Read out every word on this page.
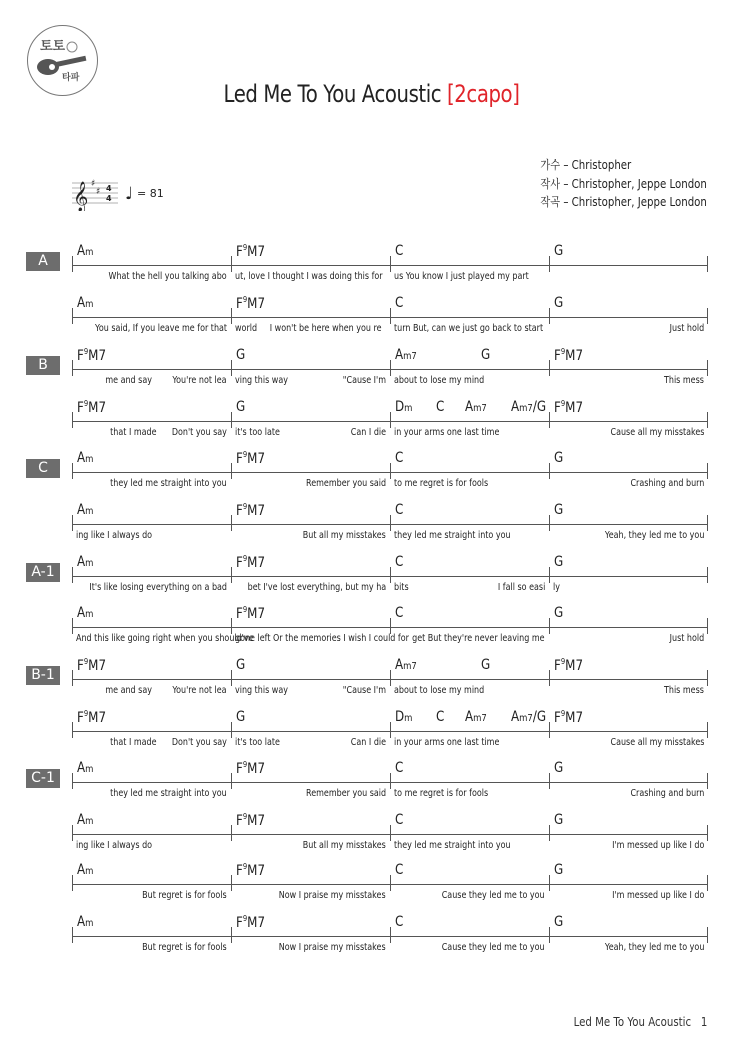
토토
타파
Led Me To You Acoustic [2capo]
가수 – Christopher
작사 – Christopher, Jeppe London
작곡 – Christopher, Jeppe London
𝄞 ♯
♯ 4
4 ♩ = 81
A
Am
What the hell you talking abo
$F^9M7$
ut, love I thought I was doing this for
C
us You know I just played my part
G
Am
You said, If you leave me for that
$F^9M7$
world     I won't be here when you re
C
turn But, can we just go back to start
G
Just hold
B
$F^9M7$
me and say        You're not lea
G
ving this way	"Cause I'm
Am7	G
about to lose my mind
$F^9M7$
This mess
$F^9M7$
that I made      Don't you say
G
it's too late	Can I die
Dm C Am7 Am7/G
in your arms one last time
$F^9M7$
Cause all my misstakes
C
Am
they led me straight into you
$F^9M7$
Remember you said
C
to me regret is for fools
G
Crashing and burn
Am
ing like I always do
$F^9M7$
But all my misstakes
C
they led me straight into you
G
Yeah, they led me to you
A-1
Am
It's like losing everything on a bad
$F^9M7$
bet I've lost everything, but my ha
C
bits	I fall so easi
G
ly
Am
And this like going right when you should've
$F^9M7$
gone left Or the memories I wish I could for
C
get But they're never leaving me
G
Just hold
B-1
$F^9M7$
me and say        You're not lea
G
ving this way	"Cause I'm
Am7	G
about to lose my mind
$F^9M7$
This mess
$F^9M7$
that I made      Don't you say
G
it's too late	Can I die
Dm C Am7 Am7/G
in your arms one last time
$F^9M7$
Cause all my misstakes
C-1
Am
they led me straight into you
$F^9M7$
Remember you said
C
to me regret is for fools
G
Crashing and burn
Am
ing like I always do
$F^9M7$
But all my misstakes
C
they led me straight into you
G
I'm messed up like I do
Am
But regret is for fools
$F^9M7$
Now I praise my misstakes
C
Cause they led me to you
G
I'm messed up like I do
Am
But regret is for fools
$F^9M7$
Now I praise my misstakes
C
Cause they led me to you
G
Yeah, they led me to you
Led Me To You Acoustic 1
